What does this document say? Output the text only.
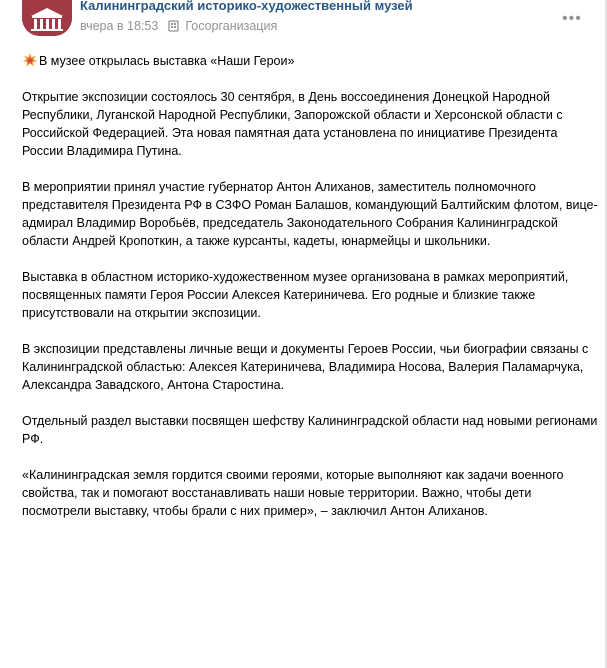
Калининградский историко-художественный музей
вчера в 18:53 Госорганизация	•••

В музее открылась выставка «Наши Герои»

Открытие экспозиции состоялось 30 сентября, в День воссоединения Донецкой Народной Республики, Луганской Народной Республики, Запорожской области и Херсонской области с Российской Федерацией. Эта новая памятная дата установлена по инициативе Президента России Владимира Путина.

В мероприятии принял участие губернатор Антон Алиханов, заместитель полномочного представителя Президента РФ в СЗФО Роман Балашов, командующий Балтийским флотом, вице-адмирал Владимир Воробьёв, председатель Законодательного Собрания Калининградской области Андрей Кропоткин, а также курсанты, кадеты, юнармейцы и школьники.

Выставка в областном историко-художественном музее организована в рамках мероприятий, посвященных памяти Героя России Алексея Катериничева. Его родные и близкие также присутствовали на открытии экспозиции.

В экспозиции представлены личные вещи и документы Героев России, чьи биографии связаны с Калининградской областью: Алексея Катериничева, Владимира Носова, Валерия Паламарчука, Александра Завадского, Антона Старостина.

Отдельный раздел выставки посвящен шефству Калининградской области над новыми регионами РФ.

«Калининградская земля гордится своими героями, которые выполняют как задачи военного свойства, так и помогают восстанавливать наши новые территории. Важно, чтобы дети посмотрели выставку, чтобы брали с них пример», – заключил Антон Алиханов.
